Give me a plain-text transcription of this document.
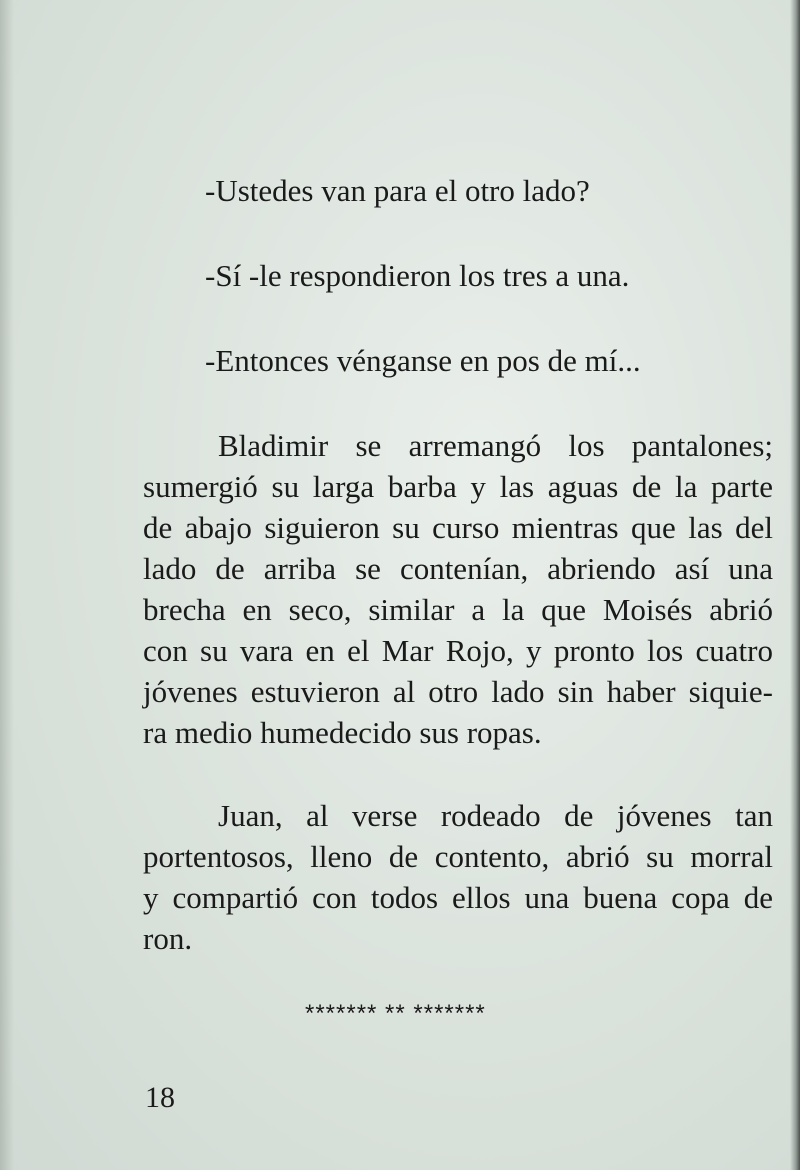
-Ustedes van para el otro lado?

-Sí -le respondieron los tres a una.

-Entonces vénganse en pos de mí...

Bladimir se arremangó los pantalones;

sumergió su larga barba y las aguas de la parte

de abajo siguieron su curso mientras que las del

lado de arriba se contenían, abriendo así una

brecha en seco, similar a la que Moisés abrió

con su vara en el Mar Rojo, y pronto los cuatro

jóvenes estuvieron al otro lado sin haber siquie-

ra medio humedecido sus ropas.

Juan, al verse rodeado de jóvenes tan

portentosos, lleno de contento, abrió su morral

y compartió con todos ellos una buena copa de

ron.

******* ** *******
18
